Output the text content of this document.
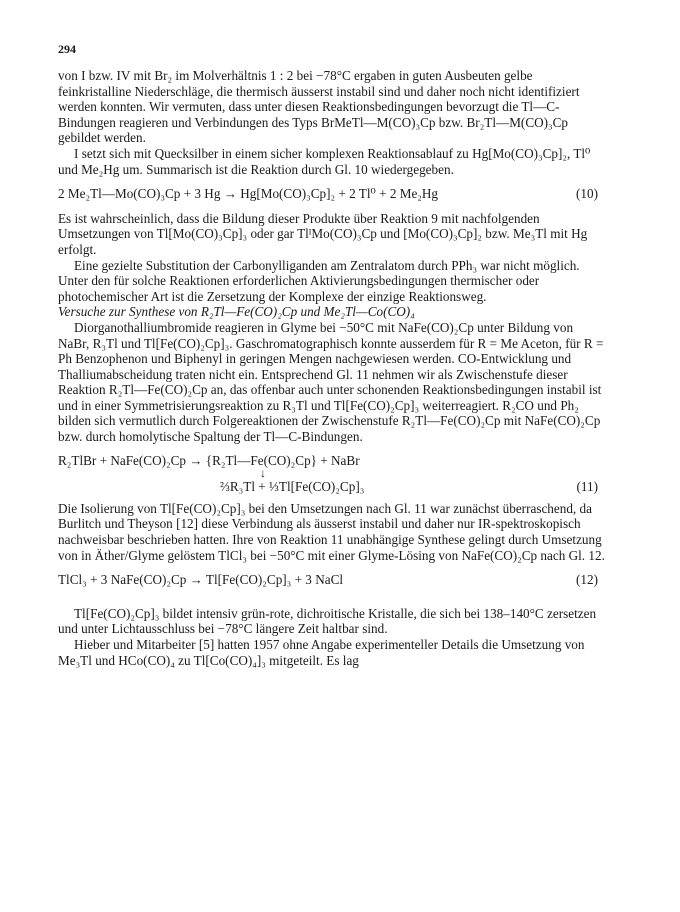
294

von I bzw. IV mit Br₂ im Molverhältnis 1 : 2 bei −78°C ergaben in guten Ausbeuten gelbe feinkristalline Niederschläge, die thermisch äusserst instabil sind und daher noch nicht identifiziert werden konnten. Wir vermuten, dass unter diesen Reaktionsbedingungen bevorzugt die Tl—C-Bindungen reagieren und Verbindungen des Typs BrMeTl—M(CO)₃Cp bzw. Br₂Tl—M(CO)₃Cp gebildet werden.

I setzt sich mit Quecksilber in einem sicher komplexen Reaktionsablauf zu Hg[Mo(CO)₃Cp]₂, Tl⁰ und Me₂Hg um. Summarisch ist die Reaktion durch Gl. 10 wiedergegeben.

2 Me₂Tl—Mo(CO)₃Cp + 3 Hg → Hg[Mo(CO)₃Cp]₂ + 2 Tl⁰ + 2 Me₂Hg	(10)

Es ist wahrscheinlich, dass die Bildung dieser Produkte über Reaktion 9 mit nachfolgenden Umsetzungen von Tl[Mo(CO)₃Cp]₃ oder gar TlᴵMo(CO)₃Cp und [Mo(CO)₃Cp]₂ bzw. Me₃Tl mit Hg erfolgt.

Eine gezielte Substitution der Carbonylliganden am Zentralatom durch PPh₃ war nicht möglich. Unter den für solche Reaktionen erforderlichen Aktivierungsbedingungen thermischer oder photochemischer Art ist die Zersetzung der Komplexe der einzige Reaktionsweg.

Versuche zur Synthese von R₂Tl—Fe(CO)₂Cp und Me₂Tl—Co(CO)₄

Diorganothalliumbromide reagieren in Glyme bei −50°C mit NaFe(CO)₂Cp unter Bildung von NaBr, R₃Tl und Tl[Fe(CO)₂Cp]₃. Gaschromatographisch konnte ausserdem für R = Me Aceton, für R = Ph Benzophenon und Biphenyl in geringen Mengen nachgewiesen werden. CO-Entwicklung und Thalliumabscheidung traten nicht ein. Entsprechend Gl. 11 nehmen wir als Zwischenstufe dieser Reaktion R₂Tl—Fe(CO)₂Cp an, das offenbar auch unter schonenden Reaktionsbedingungen instabil ist und in einer Symmetrisierungsreaktion zu R₃Tl und Tl[Fe(CO)₂Cp]₃ weiterreagiert. R₂CO und Ph₂ bilden sich vermutlich durch Folgereaktionen der Zwischenstufe R₂Tl—Fe(CO)₂Cp mit NaFe(CO)₂Cp bzw. durch homolytische Spaltung der Tl—C-Bindungen.

R₂TlBr + NaFe(CO)₂Cp → {R₂Tl—Fe(CO)₂Cp} + NaBr
↓
⅔R₃Tl + ⅓Tl[Fe(CO)₂Cp]₃	(11)

Die Isolierung von Tl[Fe(CO)₂Cp]₃ bei den Umsetzungen nach Gl. 11 war zunächst überraschend, da Burlitch und Theyson [12] diese Verbindung als äusserst instabil und daher nur IR-spektroskopisch nachweisbar beschrieben hatten. Ihre von Reaktion 11 unabhängige Synthese gelingt durch Umsetzung von in Äther/Glyme gelöstem TlCl₃ bei −50°C mit einer Glyme-Lösing von NaFe(CO)₂Cp nach Gl. 12.

TlCl₃ + 3 NaFe(CO)₂Cp → Tl[Fe(CO)₂Cp]₃ + 3 NaCl	(12)

Tl[Fe(CO)₂Cp]₃ bildet intensiv grün-rote, dichroitische Kristalle, die sich bei 138–140°C zersetzen und unter Lichtausschluss bei −78°C längere Zeit haltbar sind.

Hieber und Mitarbeiter [5] hatten 1957 ohne Angabe experimenteller Details die Umsetzung von Me₃Tl und HCo(CO)₄ zu Tl[Co(CO)₄]₃ mitgeteilt. Es lag
